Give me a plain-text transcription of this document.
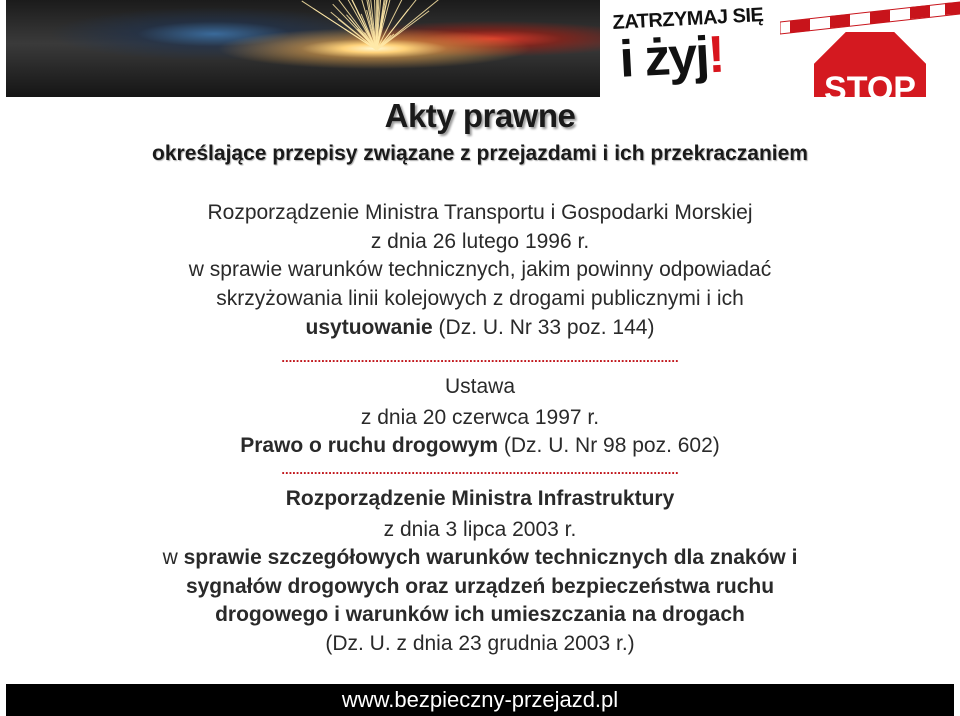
ZATRZYMAJ SIĘ
i żyj!
STOP
Akty prawne
określające przepisy związane z przejazdami i ich przekraczaniem
Rozporządzenie Ministra Transportu i Gospodarki Morskiej
z dnia 26 lutego 1996 r.
w sprawie warunków technicznych, jakim powinny odpowiadać
skrzyżowania linii kolejowych z drogami publicznymi i ich
usytuowanie (Dz. U. Nr 33 poz. 144)
..............................................................................................................
Ustawa
z dnia 20 czerwca 1997 r.
Prawo o ruchu drogowym (Dz. U. Nr 98 poz. 602)
..............................................................................................................
Rozporządzenie Ministra Infrastruktury
z dnia 3 lipca 2003 r.
w sprawie szczegółowych warunków technicznych dla znaków i
sygnałów drogowych oraz urządzeń bezpieczeństwa ruchu
drogowego i warunków ich umieszczania na drogach
(Dz. U. z dnia 23 grudnia 2003 r.)
www.bezpieczny-przejazd.pl
